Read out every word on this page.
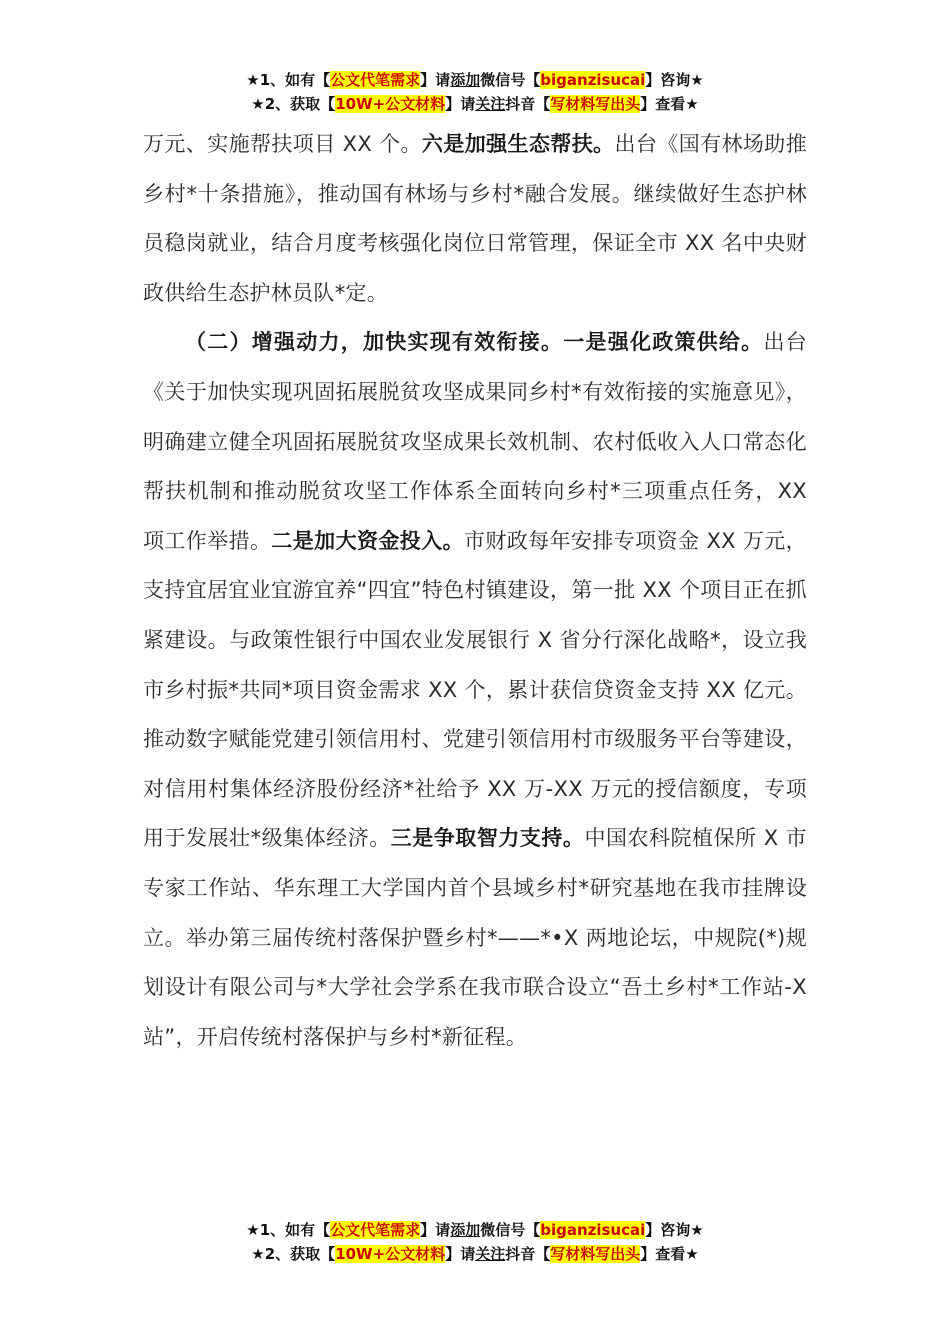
★1、如有【公文代笔需求】请添加微信号【biganzisucai】咨询★
★2、获取【10W+公文材料】请关注抖音【写材料写出头】查看★

万元、实施帮扶项目 XX 个。六是加强生态帮扶。出台《国有林场助推乡村*十条措施》，推动国有林场与乡村*融合发展。继续做好生态护林员稳岗就业，结合月度考核强化岗位日常管理，保证全市 XX 名中央财政供给生态护林员队*定。

（二）增强动力，加快实现有效衔接。一是强化政策供给。出台《关于加快实现巩固拓展脱贫攻坚成果同乡村*有效衔接的实施意见》，明确建立健全巩固拓展脱贫攻坚成果长效机制、农村低收入人口常态化帮扶机制和推动脱贫攻坚工作体系全面转向乡村*三项重点任务，XX 项工作举措。二是加大资金投入。市财政每年安排专项资金 XX 万元，支持宜居宜业宜游宜养“四宜”特色村镇建设，第一批 XX 个项目正在抓紧建设。与政策性银行中国农业发展银行 X 省分行深化战略*，设立我市乡村振*共同*项目资金需求 XX 个，累计获信贷资金支持 XX 亿元。推动数字赋能党建引领信用村、党建引领信用村市级服务平台等建设，对信用村集体经济股份经济*社给予 XX 万-XX 万元的授信额度，专项用于发展壮*级集体经济。三是争取智力支持。中国农科院植保所 X 市专家工作站、华东理工大学国内首个县域乡村*研究基地在我市挂牌设立。举办第三届传统村落保护暨乡村*——*•X 两地论坛，中规院(*)规划设计有限公司与*大学社会学系在我市联合设立“吾土乡村*工作站-X 站”，开启传统村落保护与乡村*新征程。

★1、如有【公文代笔需求】请添加微信号【biganzisucai】咨询★
★2、获取【10W+公文材料】请关注抖音【写材料写出头】查看★
